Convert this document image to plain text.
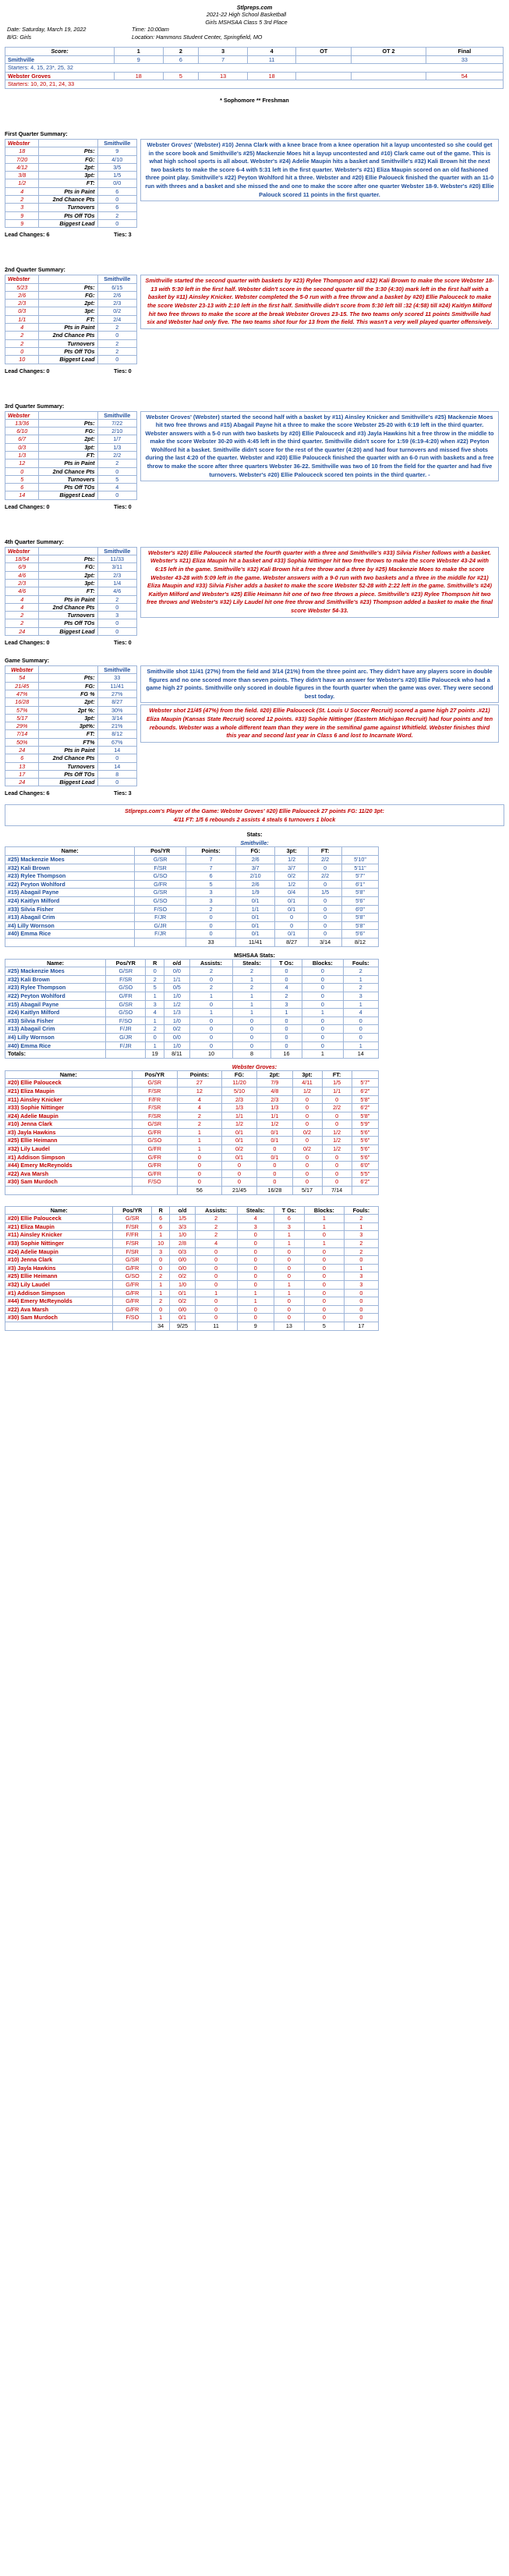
Stlpreps.com
	2021-22 High School Basketball	
	Girls MSHSAA Class 5 3rd Place	
Date: Saturday, March 19, 2022	Time: 10:00am	
B/G: Girls	Location: Hammons Student Center, Springfield, MO	
Score:	1	2	3	4	OT	OT 2	Final
Smithville	9	6	7	11			33
Starters: 4, 15, 23*, 25, 32							
Webster Groves	18	5	13	18			54
Starters: 10, 20, 21, 24, 33							
* Sophomore ** Freshman
First Quarter Summary:
Webster		Smithville
18	Pts:	9
7/20	FG:	4/10
4/12	2pt:	3/5
3/8	3pt:	1/5
1/2	FT:	0/0
4	Pts in Paint	6
2	2nd Chance Pts	0
3	Turnovers	6
9	Pts Off TOs	2
9	Biggest Lead	0
Webster Groves' (Webster) #10) Jenna Clark with a knee brace from a knee operation hit a layup uncontested so she could get in the score book and Smithville's #25) Mackenzie Moes hit a layup uncontested and #10) Clark came out of the game. This is what high school sports is all about. Webster's #24) Adelie Maupin hits a basket and Smithville's #32) Kali Brown hit the next two baskets to make the score 6-4 with 5:31 left in the first quarter. Webster's #21) Eliza Maupin scored on an old fashioned three point play. Smithville's #22) Peyton Wohlford hit a three. Webster and #20) Ellie Paloueck finished the quarter with an 11-0 run with threes and a basket and she missed the and one to make the score after one quarter Webster 18-9. Webster's #20) Ellie Palouck scored 11 points in the first quarter.
Lead Changes: 6	Ties: 3
2nd Quarter Summary:
Webster		Smithville
5/23	Pts:	6/15
2/6	FG:	2/6
2/3	2pt:	2/3
0/3	3pt:	0/2
1/1	FT:	2/4
4	Pts in Paint	2
2	2nd Chance Pts	0
2	Turnovers	2
0	Pts Off TOs	2
10	Biggest Lead	0
Smithville started the second quarter with baskets by #23) Rylee Thompson and #32) Kali Brown to make the score Webster 18-13 with 5:30 left in the first half. Webster didn't score in the second quarter till the 3:30 (4:30) mark left in the first half with a basket by #11) Ainsley Knicker. Webster completed the 5-0 run with a free throw and a basket by #20) Ellie Palouceck to make the score Webster 23-13 with 2:10 left in the first half. Smithville didn't score from 5:30 left till :32 (4:58) till #24) Kaitlyn Milford hit two free throws to make the score at the break Webster Groves 23-15. The two teams only scored 11 points Smithville had six and Webster had only five. The two teams shot four for 13 from the field. This wasn't a very well played quarter offensively.
Lead Changes: 0	Ties: 0
3rd Quarter Summary:
Webster		Smithville
13/36	Pts:	7/22
6/10	FG:	2/10
6/7	2pt:	1/7
0/3	3pt:	1/3
1/3	FT:	2/2
12	Pts in Paint	2
0	2nd Chance Pts	0
5	Turnovers	5
6	Pts Off TOs	4
14	Biggest Lead	0
Webster Groves' (Webster) started the second half with a basket by #11) Ainsley Knicker and Smithville's #25) Mackenzie Moes hit two free throws and #15) Abagail Payne hit a three to make the score Webster 25-20 with 6:19 left in the third quarter. Webster answers with a 5-0 run with two baskets by #20) Ellie Palouceck and #3) Jayla Hawkins hit a free throw in the middle to make the score Webster 30-20 with 4:45 left in the third quarter. Smithville didn't score for 1:59 (6:19-4:20) when #22) Peyton Wohlford hit a basket. Smithville didn't score for the rest of the quarter (4:20) and had four turnovers and missed five shots during the last 4:20 of the quarter. Webster and #20) Ellie Palouceck finished the quarter with an 6-0 run with baskets and a free throw to make the score after three quarters Webster 36-22. Smithville was two of 10 from the field for the quarter and had five turnovers. Webster's #20) Ellie Palouceck scored ten points in the third quarter. -
Lead Changes: 0	Ties: 0
4th Quarter Summary:
Webster		Smithville
18/54	Pts:	11/33
6/9	FG:	3/11
4/6	2pt:	2/3
2/3	3pt:	1/4
4/6	FT:	4/6
4	Pts in Paint	2
4	2nd Chance Pts	0
2	Turnovers	3
2	Pts Off TOs	0
24	Biggest Lead	0
Webster's #20) Ellie Palouceck started the fourth quarter with a three and Smithville's #33) Silvia Fisher follows with a basket. Webster's #21) Eliza Maupin hit a basket and #33) Sophia Nittinger hit two free throws to make the score Webster 43-24 with 6:15 left in the game. Smithville's #32) Kali Brown hit a free throw and a three by #25) Mackenzie Moes to make the score Webster 43-28 with 5:09 left in the game. Webster answers with a 9-0 run with two baskets and a three in the middle for #21) Eliza Maupin and #33) Silvia Fisher adds a basket to make the score Webster 52-28 with 2:22 left in the game. Smithville's #24) Kaitlyn Milford and Webster's #25) Ellie Heimann hit one of two free throws a piece. Smithville's #23) Rylee Thompson hit two free throws and Webster's #32) Lily Laudel hit one free throw and Smithville's #23) Thompson added a basket to make the final score Webster 54-33.
Lead Changes: 0	Ties: 0
Game Summary:
Webster		Smithville
54	Pts:	33
21/45	FG:	11/41
47%	FG %	27%
16/28	2pt:	8/27
57%	2pt %:	30%
5/17	3pt:	3/14
29%	3pt%:	21%
7/14	FT:	8/12
50%	FT%	67%
24	Pts in Paint	14
6	2nd Chance Pts	0
13	Turnovers	14
17	Pts Off TOs	8
24	Biggest Lead	0
Smithville shot 11/41 (27%) from the field and 3/14 (21%) from the three point arc. They didn't have any players score in double figures and no one scored more than seven points. They didn't have an answer for Webster's #20) Ellie Palouceck who had a game high 27 points. Smithville only scored in double figures in the fourth quarter when the game was over. They were second best today.
Webster shot 21/45 (47%) from the field. #20) Ellie Palouceck (St. Louis U Soccer Recruit) scored a game high 27 points .#21) Eliza Maupin (Kansas State Recruit) scored 12 points. #33) Sophie Nittinger (Eastern Michigan Recruit) had four points and ten rebounds. Webster was a whole different team than they were in the semifinal game against Whitfield. Webster finishes third this year and second last year in Class 6 and lost to Incarnate Word.
Lead Changes: 6	Ties: 3
Stlpreps.com's Player of the Game: Webster Groves' #20) Ellie Palouceck 27 points FG: 11/20 3pt:
4/11 FT: 1/5 6 rebounds 2 assists 4 steals 6 turnovers 1 block
Stats:
Smithville:
Name:	Pos/YR	Points:	FG:	3pt:	FT:	
#25) Mackenzie Moes	G/SR	7	2/6	1/2	2/2	5'10"
#32) Kali Brown	F/SR	7	3/7	3/7	0	5'11"
#23) Rylee Thompson	G/SO	6	2/10	0/2	2/2	5'7"
#22) Peyton Wohlford	G/FR	5	2/6	1/2	0	6'1"
#15) Abagail Payne	G/SR	3	1/9	0/4	1/5	5'8"
#24) Kaitlyn Milford	G/SO	3	0/1	0/1	0	5'6"
#33) Silvia Fisher	F/SO	2	1/1	0/1	0	6'0"
#13) Abagail Crim	F/JR	0	0/1	0	0	5'8"
#4) Lilly Wornson	G/JR	0	0/1	0	0	5'8"
#40) Emma Rice	F/JR	0	0/1	0/1	0	5'6"
		33	11/41	8/27	3/14	8/12
MSHSAA Stats:
Name:	Pos/YR	R	o/d	Assists:	Steals:	T Os:	Blocks:	Fouls:
#25) Mackenzie Moes	G/SR	0	0/0	2	2	0	0	2
#32) Kali Brown	F/SR	2	1/1	0	1	0	0	1
#23) Rylee Thompson	G/SO	5	0/5	2	2	4	0	2
#22) Peyton Wohlford	G/FR	1	1/0	1	1	2	0	3
#15) Abagail Payne	G/SR	3	1/2	0	1	3	0	1
#24) Kaitlyn Milford	G/SO	4	1/3	1	1	1	1	4
#33) Silvia Fisher	F/SO	1	1/0	0	0	0	0	0
#13) Abagail Crim	F/JR	2	0/2	0	0	0	0	0
#4) Lilly Wornson	G/JR	0	0/0	0	0	0	0	0
#40) Emma Rice	F/JR	1	1/0	0	0	0	0	1
Totals:		19	8/11	10	8	16	1	14
Webster Groves:
Name:	Pos/YR	Points:	FG:	2pt:	3pt:	FT:	
#20) Ellie Palouceck	G/SR	27	11/20	7/9	4/11	1/5	5'7"
#21) Eliza Maupin	F/SR	12	5/10	4/8	1/2	1/1	6'2"
#11) Ainsley Knicker	F/FR	4	2/3	2/3	0	0	5'8"
#33) Sophie Nittinger	F/SR	4	1/3	1/3	0	2/2	6'2"
#24) Adelie Maupin	F/SR	2	1/1	1/1	0	0	5'8"
#10) Jenna Clark	G/SR	2	1/2	1/2	0	0	5'9"
#3) Jayla Hawkins	G/FR	1	0/1	0/1	0/2	1/2	5'6"
#25) Ellie Heimann	G/SO	1	0/1	0/1	0	1/2	5'6"
#32) Lily Laudel	G/FR	1	0/2	0	0/2	1/2	5'6"
#1) Addison Simpson	G/FR	0	0/1	0/1	0	0	5'6"
#44) Emery McReynolds	G/FR	0	0	0	0	0	6'0"
#22) Ava Marsh	G/FR	0	0	0	0	0	5'5"
#30) Sam Murdoch	F/SO	0	0	0	0	0	6'2"
		56	21/45	16/28	5/17	7/14	
Name:	Pos/YR	R	o/d	Assists:	Steals:	T Os:	Blocks:	Fouls:
#20) Ellie Palouceck	G/SR	6	1/5	2	4	6	1	2
#21) Eliza Maupin	F/SR	6	3/3	2	3	3	1	1
#11) Ainsley Knicker	F/FR	1	1/0	2	0	1	0	3
#33) Sophie Nittinger	F/SR	10	2/8	4	0	1	1	2
#24) Adelie Maupin	F/SR	3	0/3	0	0	0	0	2
#10) Jenna Clark	G/SR	0	0/0	0	0	0	0	0
#3) Jayla Hawkins	G/FR	0	0/0	0	0	0	0	1
#25) Ellie Heimann	G/SO	2	0/2	0	0	0	0	3
#32) Lily Laudel	G/FR	1	1/0	0	0	1	0	3
#1) Addison Simpson	G/FR	1	0/1	1	1	1	0	0
#44) Emery McReynolds	G/FR	2	0/2	0	1	0	0	0
#22) Ava Marsh	G/FR	0	0/0	0	0	0	0	0
#30) Sam Murdoch	F/SO	1	0/1	0	0	0	0	0
		34	9/25	11	9	13	5	17
